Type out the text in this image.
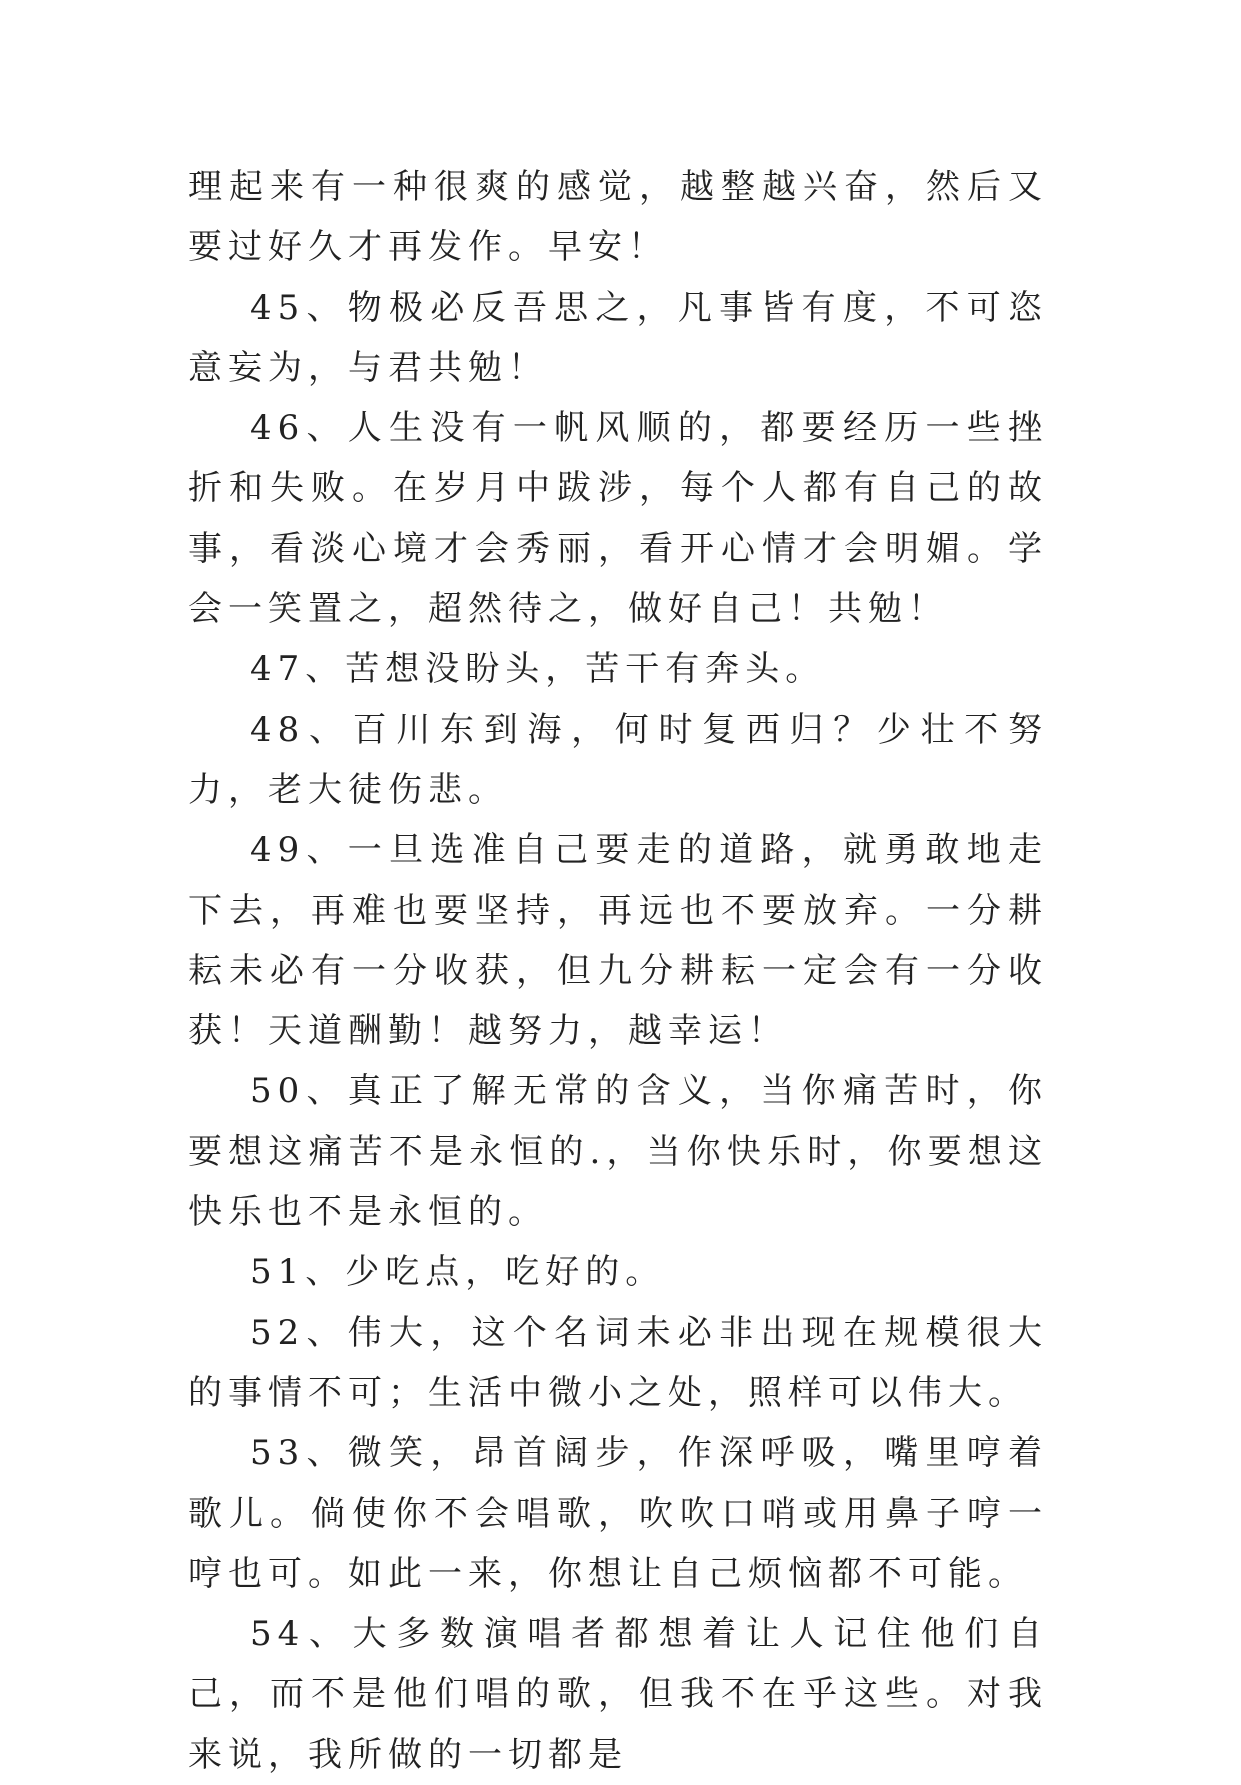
理起来有一种很爽的感觉，越整越兴奋，然后又要过好久才再发作。早安！

45、物极必反吾思之，凡事皆有度，不可恣意妄为，与君共勉！

46、人生没有一帆风顺的，都要经历一些挫折和失败。在岁月中跋涉，每个人都有自己的故事，看淡心境才会秀丽，看开心情才会明媚。学会一笑置之，超然待之，做好自己！共勉！

47、苦想没盼头，苦干有奔头。

48、百川东到海，何时复西归？少壮不努力，老大徒伤悲。

49、一旦选准自己要走的道路，就勇敢地走下去，再难也要坚持，再远也不要放弃。一分耕耘未必有一分收获，但九分耕耘一定会有一分收获！天道酬勤！越努力，越幸运！

50、真正了解无常的含义，当你痛苦时，你要想这痛苦不是永恒的.，当你快乐时，你要想这快乐也不是永恒的。

51、少吃点，吃好的。

52、伟大，这个名词未必非出现在规模很大的事情不可；生活中微小之处，照样可以伟大。

53、微笑，昂首阔步，作深呼吸，嘴里哼着歌儿。倘使你不会唱歌，吹吹口哨或用鼻子哼一哼也可。如此一来，你想让自己烦恼都不可能。

54、大多数演唱者都想着让人记住他们自己，而不是他们唱的歌，但我不在乎这些。对我来说，我所做的一切都是
